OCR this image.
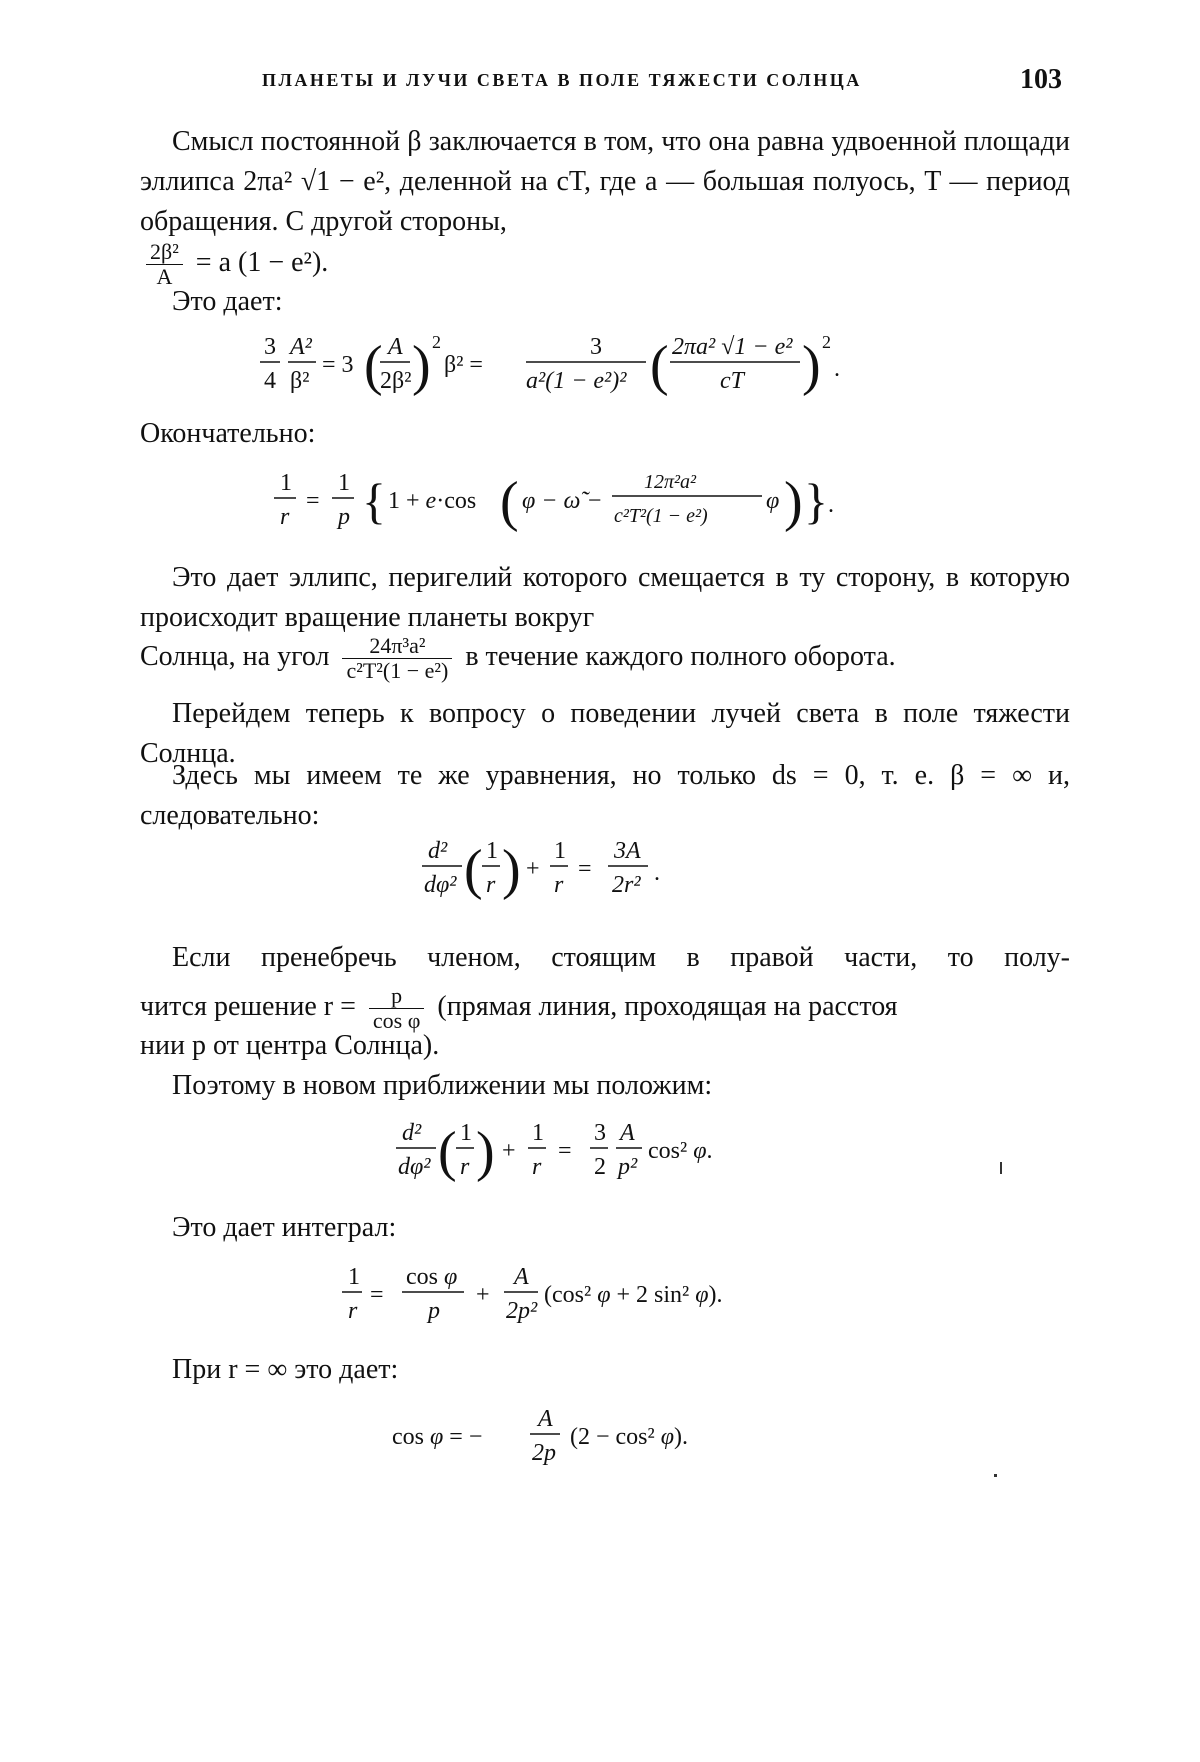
ПЛАНЕТЫ И ЛУЧИ СВЕТА В ПОЛЕ ТЯЖЕСТИ СОЛНЦА	103

Смысл постоянной β заключается в том, что она равна удвоенной площади эллипса 2πa² √1 − e², деленной на cT, где a — большая полуось, T — период обращения. С другой стороны,

$\frac{\text{2β²}}{A} = a$ (1 − e²).
Это дает:
3
4
A²
β²
= 3 ( A
2β² ) 2
β² =
3
a²(1 − e²)² ( 2πa² √1 − e²
cT ) 2
.
Окончательно:
1
r
=
1
p { 1 + e·cos ( φ − ω̃ −
12π²a²
c²T²(1 − e²)
φ ) } .

Это дает эллипс, перигелий которого смещается в ту сторону, в которую происходит вращение планеты вокруг

Солнца, на угол $\frac{\text{24π³a²}}{\text{c²T²(1 − e²)}}$ в течение каждого полного оборота.

Перейдем теперь к вопросу о поведении лучей света в поле тяжести Солнца.

Здесь мы имеем те же уравнения, но только ds = 0, т. е. β = ∞ и, следовательно:

d²
dφ² ( 1
r ) +
1
r
=
3A
2r² .
Если пренебречь членом, стоящим в правой части, то полу-
чится решение $r = \frac{p}{\text{cos φ}}$ (прямая линия, проходящая на расстоя
нии p от центра Солнца).
Поэтому в новом приближении мы положим:
d²
dφ² ( 1
r ) +
1
r
=
3
2
A
p²
cos² φ.
Это дает интеграл:
1
r
=
cos φ
p
+
A
2p²
(cos² φ + 2 sin² φ).
При r = ∞ это дает:
cos φ = −
A
2p
(2 − cos² φ).
